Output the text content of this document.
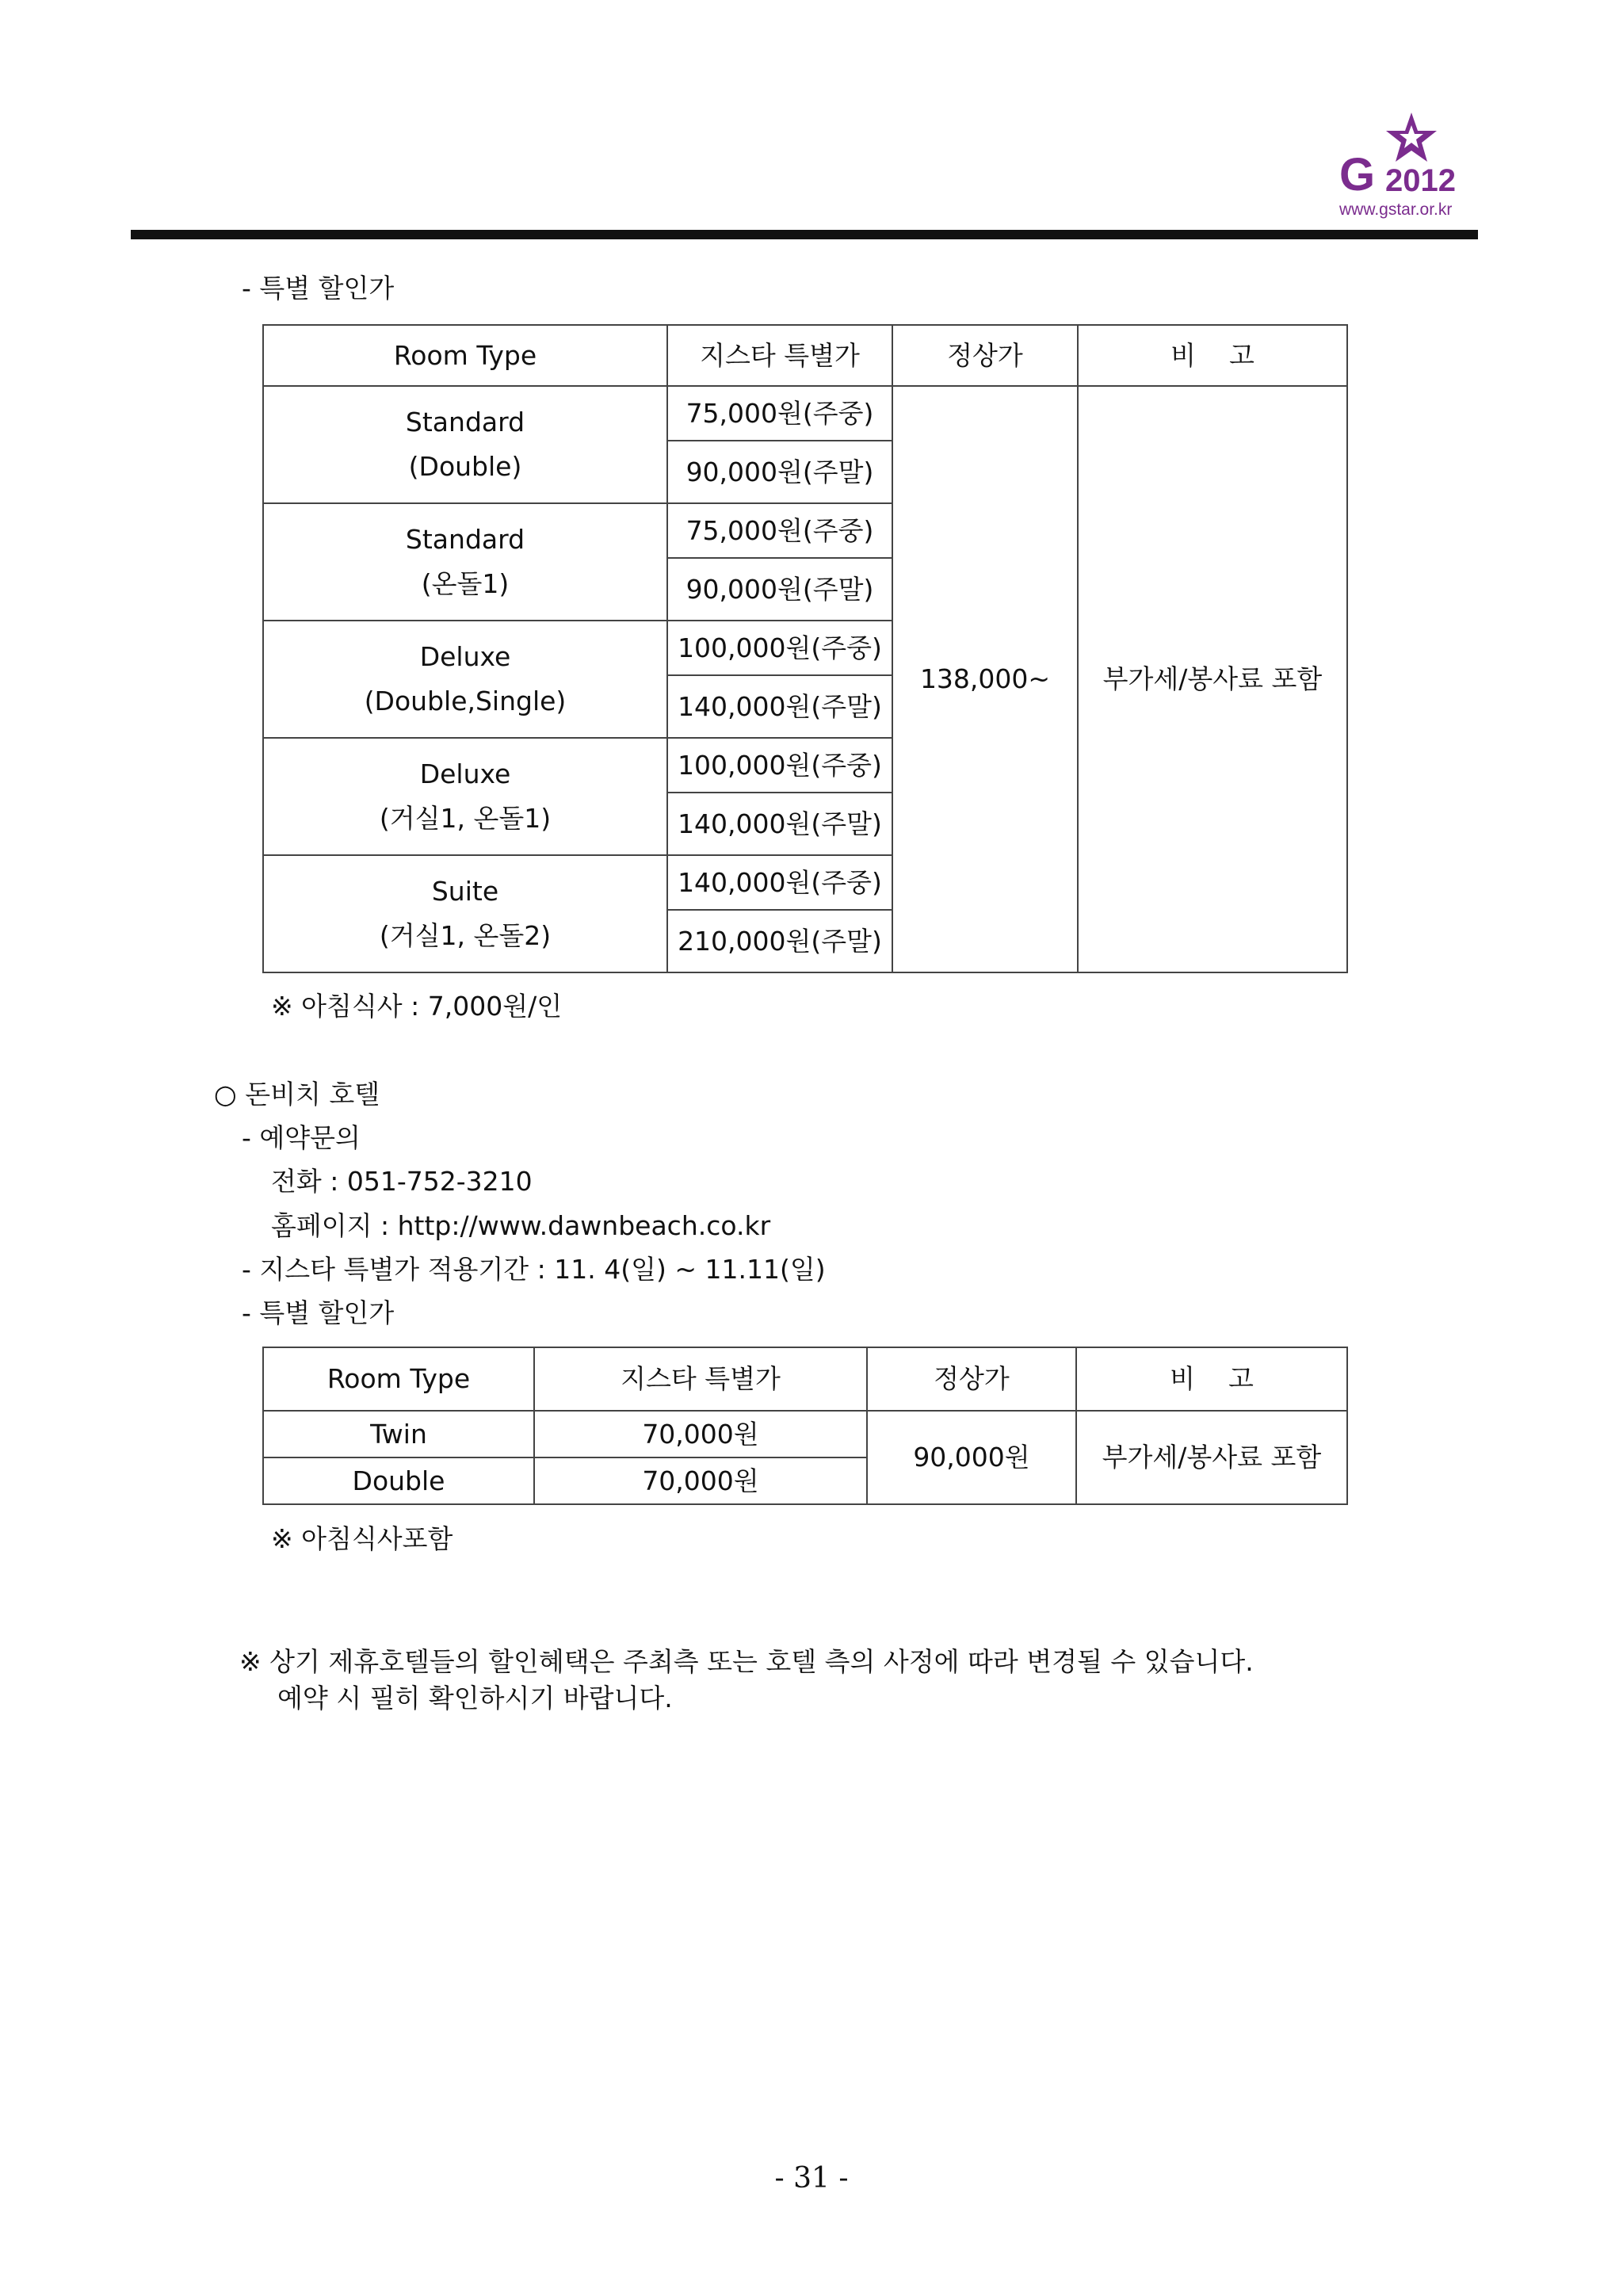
G 2012
www.gstar.or.kr
- 특별 할인가
Room Type	지스타 특별가	정상가	비    고

Standard
(Double)	75,000원(주중)	138,000~	부가세/봉사료 포함
	90,000원(주말)		

Standard
(온돌1)	75,000원(주중)		
	90,000원(주말)		

Deluxe
(Double,Single)	100,000원(주중)		
	140,000원(주말)		

Deluxe
(거실1, 온돌1)	100,000원(주중)		
	140,000원(주말)		

Suite
(거실1, 온돌2)	140,000원(주중)		
	210,000원(주말)		
※ 아침식사 : 7,000원/인
○ 돈비치 호텔
- 예약문의
전화 : 051-752-3210
홈페이지 : http://www.dawnbeach.co.kr
- 지스타 특별가 적용기간 : 11. 4(일) ~ 11.11(일)
- 특별 할인가
Room Type	지스타 특별가	정상가	비    고
Twin	70,000원	90,000원	부가세/봉사료 포함
Double	70,000원		
※ 아침식사포함
※ 상기 제휴호텔들의 할인혜택은 주최측 또는 호텔 측의 사정에 따라 변경될 수 있습니다.
예약 시 필히 확인하시기 바랍니다.
- 31 -
